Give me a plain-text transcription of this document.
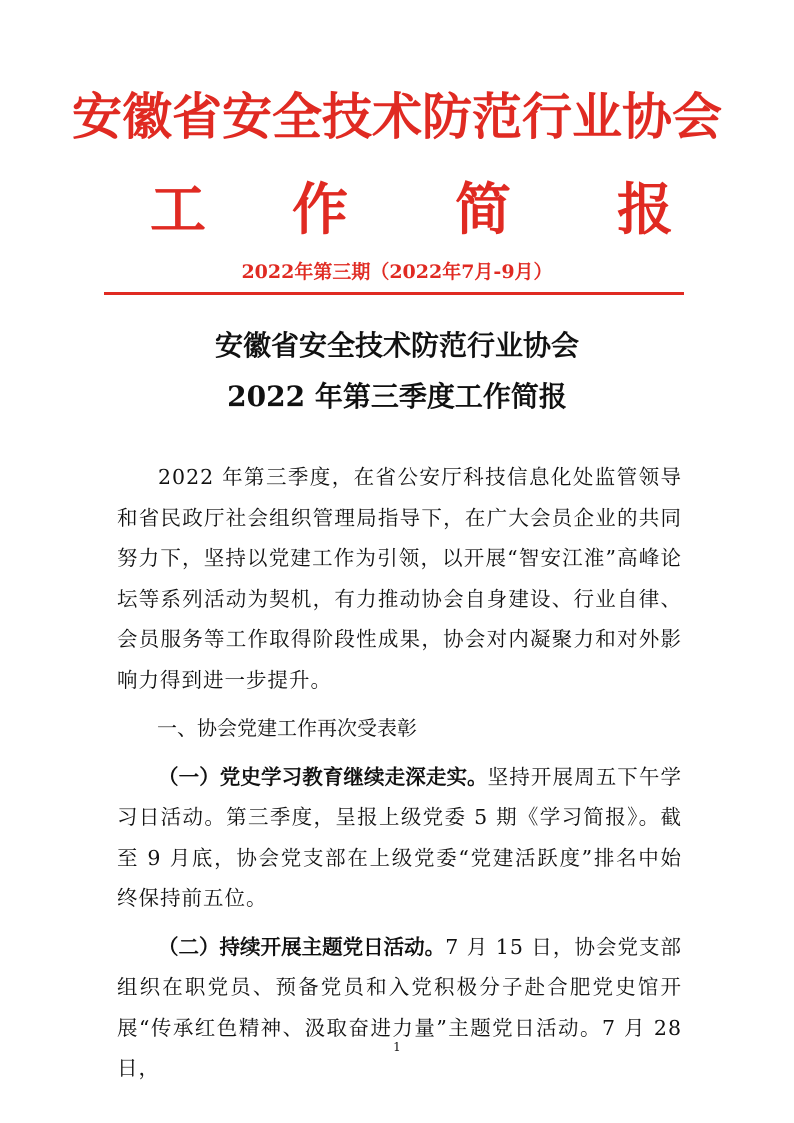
安徽省安全技术防范行业协会
工 作 简 报
2022年第三期（2022年7月-9月）
安徽省安全技术防范行业协会
2022 年第三季度工作简报

2022 年第三季度，在省公安厅科技信息化处监管领导和省民政厅社会组织管理局指导下，在广大会员企业的共同努力下，坚持以党建工作为引领，以开展“智安江淮”高峰论坛等系列活动为契机，有力推动协会自身建设、行业自律、会员服务等工作取得阶段性成果，协会对内凝聚力和对外影响力得到进一步提升。

一、协会党建工作再次受表彰

（一）党史学习教育继续走深走实。坚持开展周五下午学习日活动。第三季度，呈报上级党委 5 期《学习简报》。截至 9 月底，协会党支部在上级党委“党建活跃度”排名中始终保持前五位。

（二）持续开展主题党日活动。7 月 15 日，协会党支部组织在职党员、预备党员和入党积极分子赴合肥党史馆开展“传承红色精神、汲取奋进力量”主题党日活动。7 月 28 日，

1
